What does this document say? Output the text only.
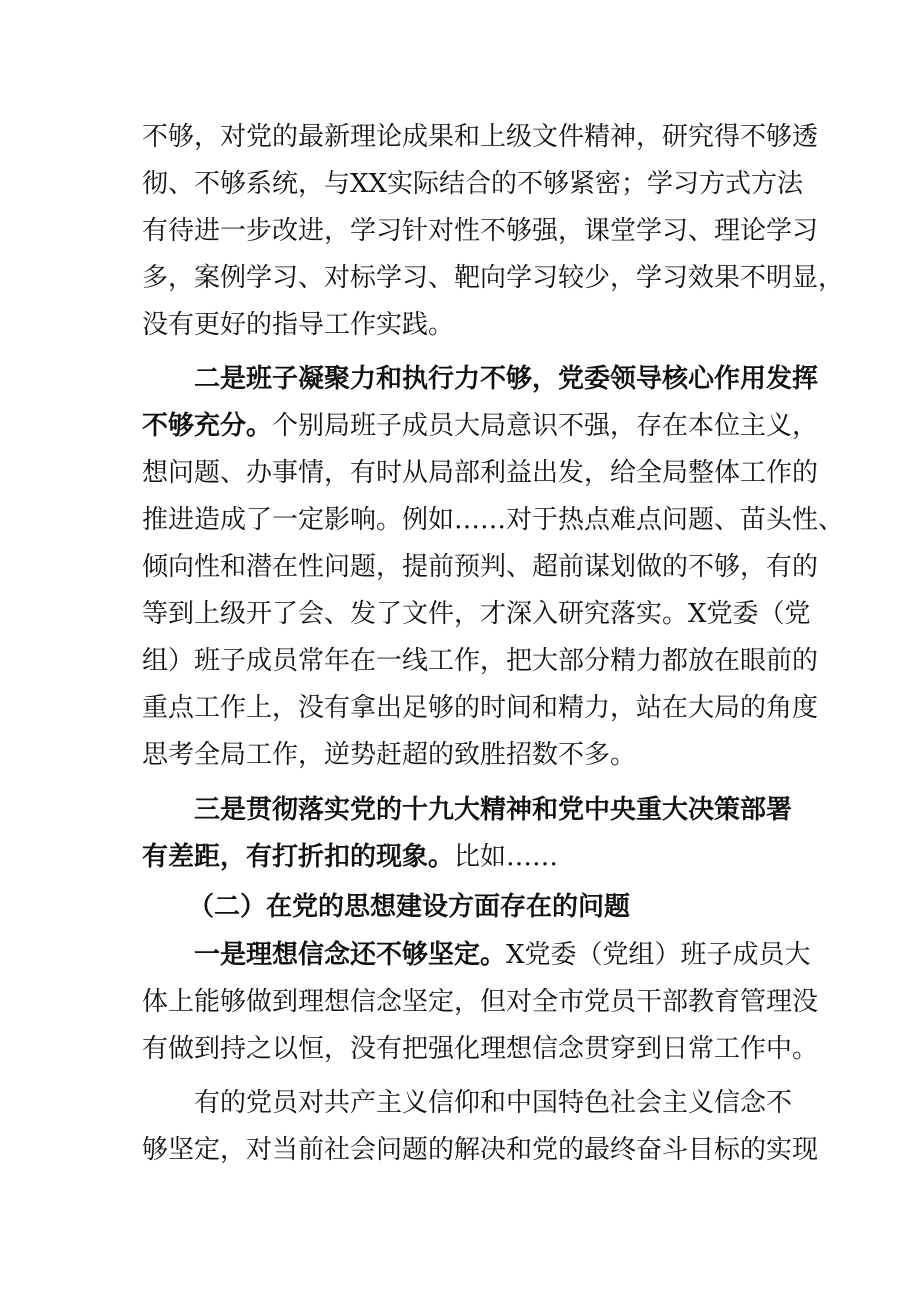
不够，对党的最新理论成果和上级文件精神，研究得不够透
彻、不够系统，与XX实际结合的不够紧密；学习方式方法
有待进一步改进，学习针对性不够强，课堂学习、理论学习
多，案例学习、对标学习、靶向学习较少，学习效果不明显，
没有更好的指导工作实践。
二是班子凝聚力和执行力不够，党委领导核心作用发挥
不够充分。个别局班子成员大局意识不强，存在本位主义，
想问题、办事情，有时从局部利益出发，给全局整体工作的
推进造成了一定影响。例如……对于热点难点问题、苗头性、
倾向性和潜在性问题，提前预判、超前谋划做的不够，有的
等到上级开了会、发了文件，才深入研究落实。X党委（党
组）班子成员常年在一线工作，把大部分精力都放在眼前的
重点工作上，没有拿出足够的时间和精力，站在大局的角度
思考全局工作，逆势赶超的致胜招数不多。
三是贯彻落实党的十九大精神和党中央重大决策部署
有差距，有打折扣的现象。比如……
（二）在党的思想建设方面存在的问题
一是理想信念还不够坚定。X党委（党组）班子成员大
体上能够做到理想信念坚定，但对全市党员干部教育管理没
有做到持之以恒，没有把强化理想信念贯穿到日常工作中。
有的党员对共产主义信仰和中国特色社会主义信念不
够坚定，对当前社会问题的解决和党的最终奋斗目标的实现
